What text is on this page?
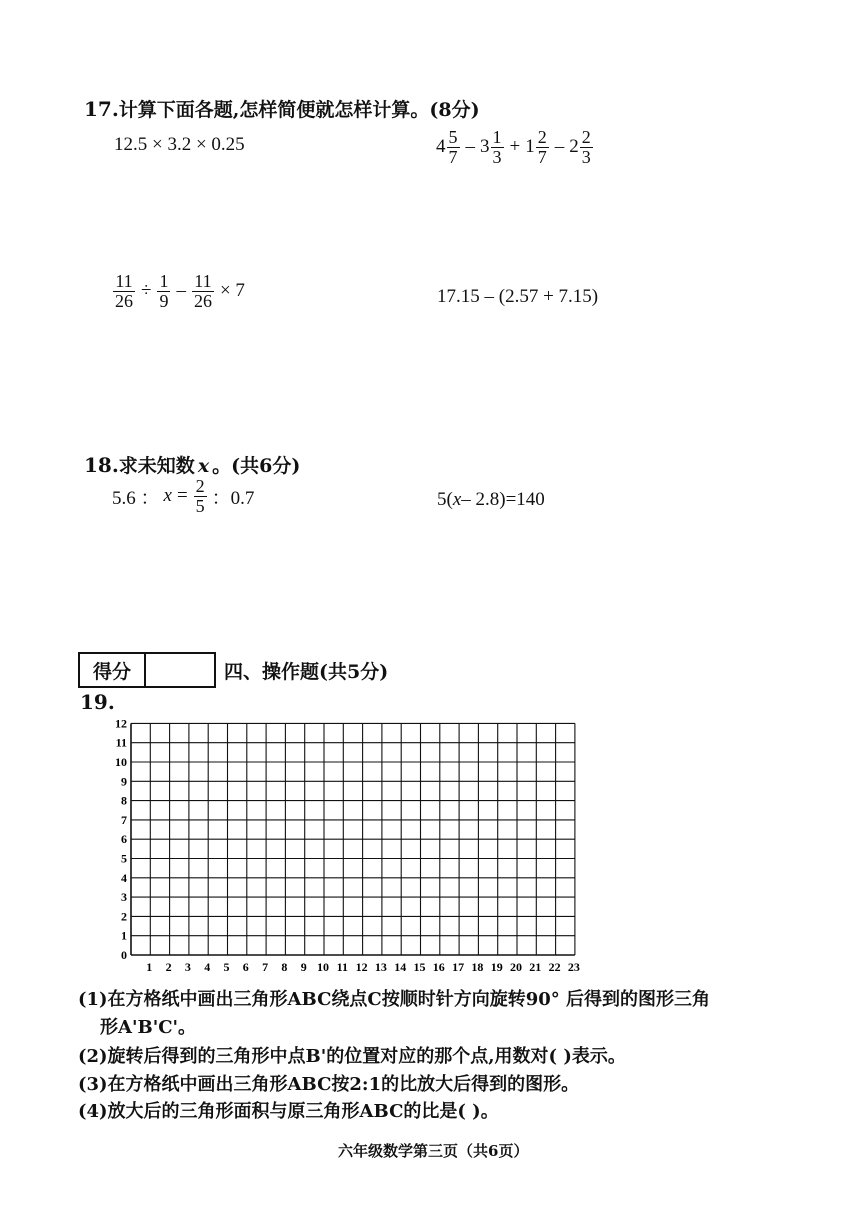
17.计算下面各题,怎样简便就怎样计算。(8分)
12.5 × 3.2 × 0.25	$4 \frac{5}{7} - 3 \frac{1}{3} + 1 \frac{2}{7} - 2 \frac{2}{3}$
$\frac{11}{26} \div \frac{1}{9} - \frac{11}{26} \times 7$	17.15 – (2.57 + 7.15)
18.求未知数 x 。(共6分)
5.6 ： $x = \frac{2}{5}$ ：0.7	5( x – 2.8)=140
得分	四、操作题(共5分)
19.
1 2 3 4 5 6 7 8 9 10 11 12 13 14 15 16 17 18 19 20 21 22 23
0
1
2
3
4
5
6
7
8
9
10
11
12
(1)在方格纸中画出三角形ABC绕点C按顺时针方向旋转90° 后得到的图形三角
形A'B'C'。
(2)旋转后得到的三角形中点B'的位置对应的那个点,用数对( )表示。
(3)在方格纸中画出三角形ABC按2:1的比放大后得到的图形。
(4)放大后的三角形面积与原三角形ABC的比是( )。
六年级数学第三页（共6页）
